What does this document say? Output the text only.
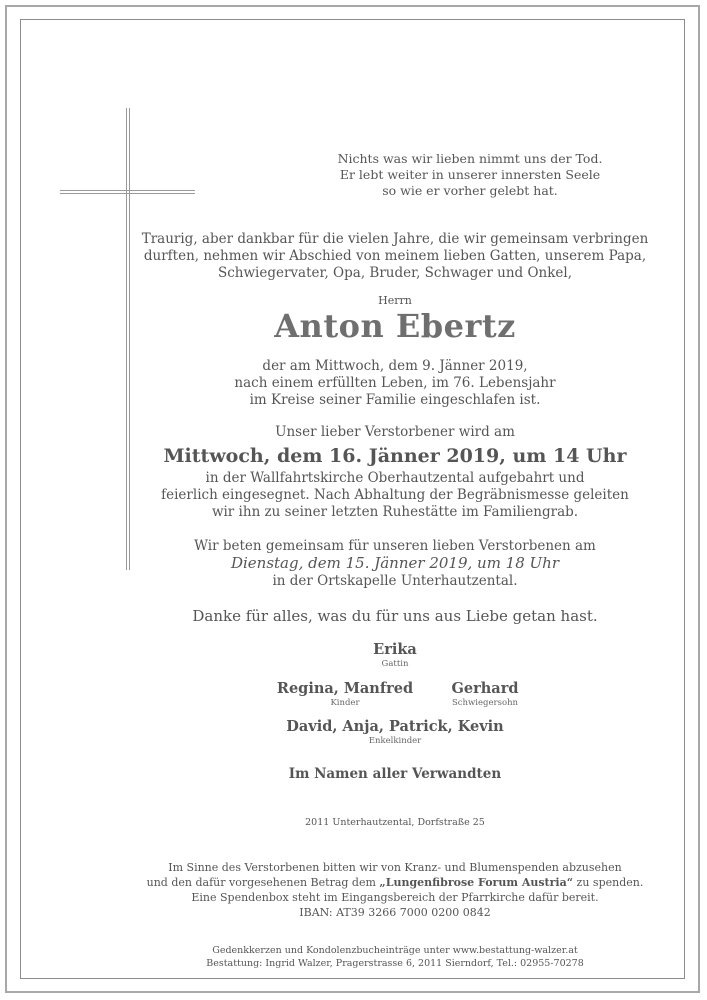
Nichts was wir lieben nimmt uns der Tod.
Er lebt weiter in unserer innersten Seele
so wie er vorher gelebt hat.
Traurig, aber dankbar für die vielen Jahre, die wir gemeinsam verbringen
durften, nehmen wir Abschied von meinem lieben Gatten, unserem Papa,
Schwiegervater, Opa, Bruder, Schwager und Onkel,
Herrn
Anton Ebertz
der am Mittwoch, dem 9. Jänner 2019,
nach einem erfüllten Leben, im 76. Lebensjahr
im Kreise seiner Familie eingeschlafen ist.
Unser lieber Verstorbener wird am
Mittwoch, dem 16. Jänner 2019, um 14 Uhr
in der Wallfahrtskirche Oberhautzental aufgebahrt und
feierlich eingesegnet. Nach Abhaltung der Begräbnismesse geleiten
wir ihn zu seiner letzten Ruhestätte im Familiengrab.
Wir beten gemeinsam für unseren lieben Verstorbenen am
Dienstag, dem 15. Jänner 2019, um 18 Uhr
in der Ortskapelle Unterhautzental.
Danke für alles, was du für uns aus Liebe getan hast.
Erika
Gattin
Regina, Manfred
Kinder
Gerhard
Schwiegersohn
David, Anja, Patrick, Kevin
Enkelkinder
Im Namen aller Verwandten
2011 Unterhautzental, Dorfstraße 25
Im Sinne des Verstorbenen bitten wir von Kranz- und Blumenspenden abzusehen
und den dafür vorgesehenen Betrag dem „Lungenfibrose Forum Austria“ zu spenden.
Eine Spendenbox steht im Eingangsbereich der Pfarrkirche dafür bereit.
IBAN: AT39 3266 7000 0200 0842
Gedenkkerzen und Kondolenzbucheinträge unter www.bestattung-walzer.at
Bestattung: Ingrid Walzer, Pragerstrasse 6, 2011 Sierndorf, Tel.: 02955-70278
